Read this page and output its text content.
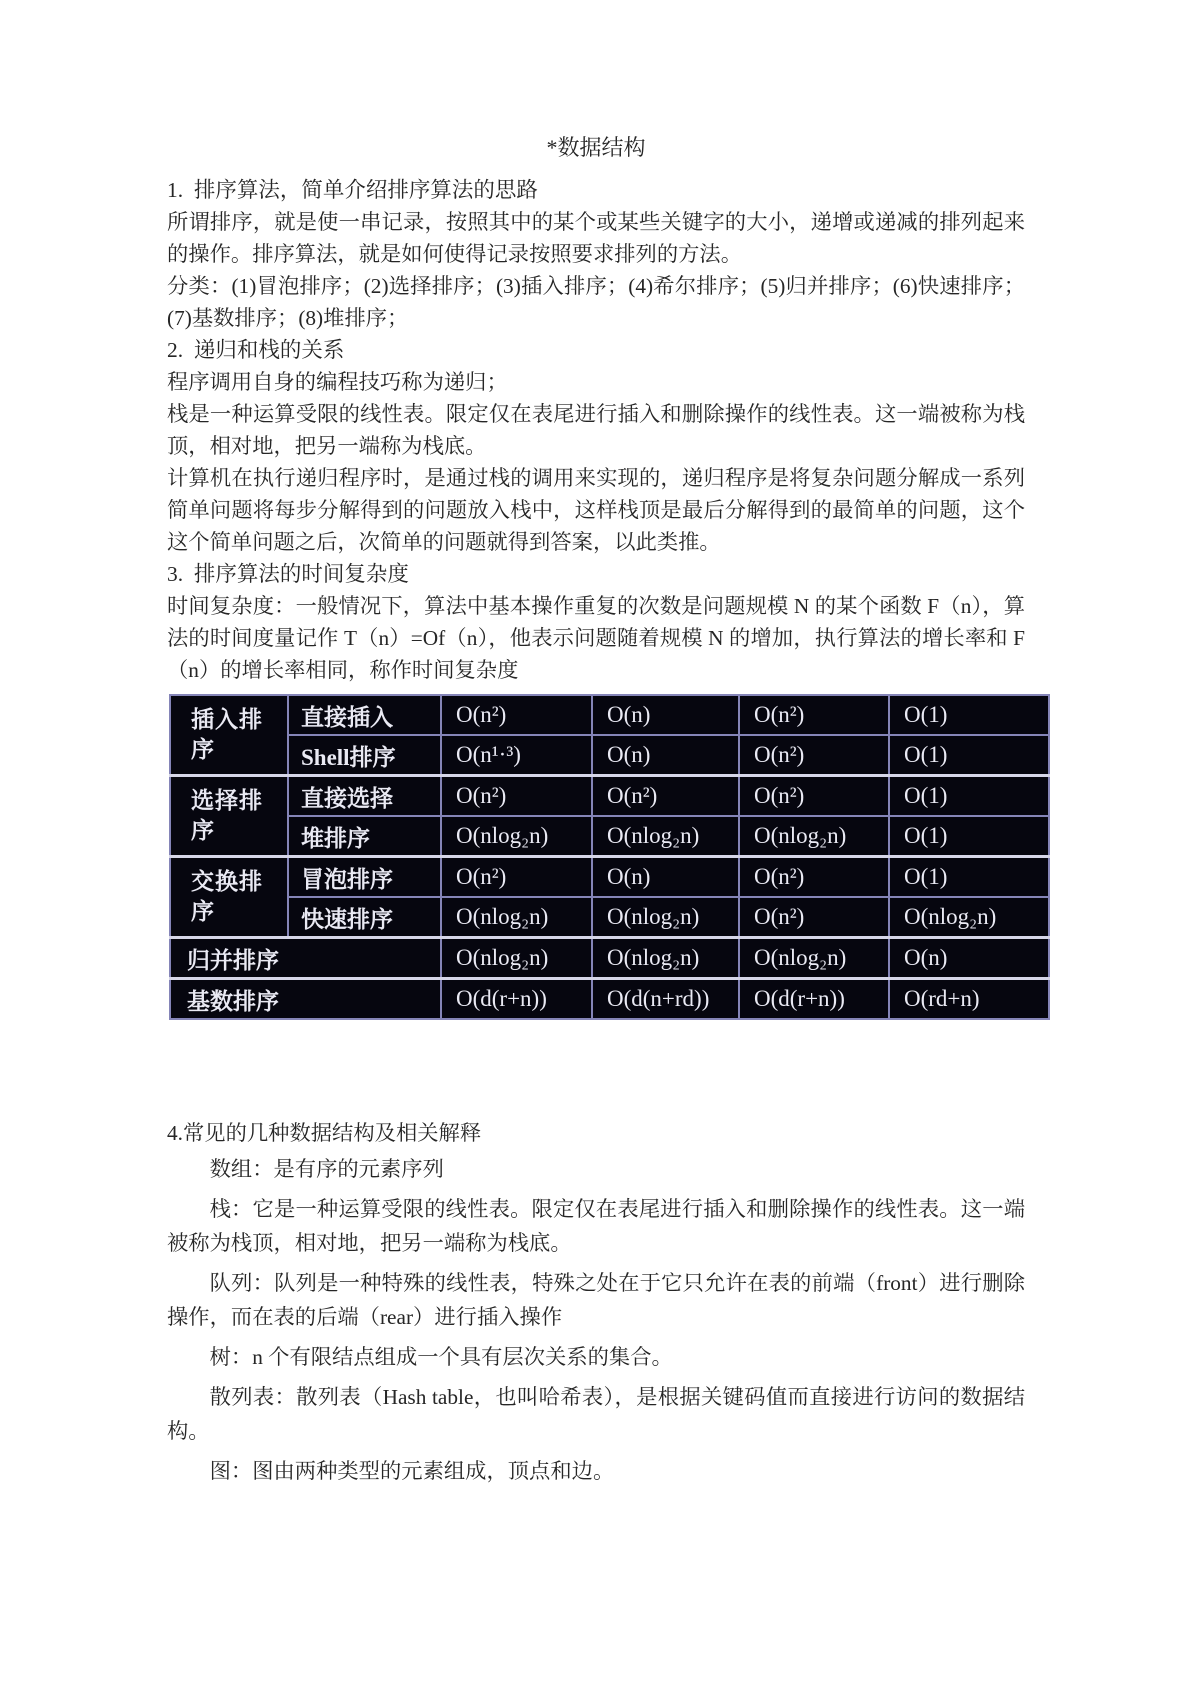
*数据结构

1.  排序算法，简单介绍排序算法的思路

所谓排序，就是使一串记录，按照其中的某个或某些关键字的大小，递增或递减的排列起来的操作。排序算法，就是如何使得记录按照要求排列的方法。

分类：(1)冒泡排序；(2)选择排序；(3)插入排序；(4)希尔排序；(5)归并排序；(6)快速排序；(7)基数排序；(8)堆排序；

2.  递归和栈的关系

程序调用自身的编程技巧称为递归；

栈是一种运算受限的线性表。限定仅在表尾进行插入和删除操作的线性表。这一端被称为栈顶，相对地，把另一端称为栈底。

计算机在执行递归程序时，是通过栈的调用来实现的，递归程序是将复杂问题分解成一系列简单问题将每步分解得到的问题放入栈中，这样栈顶是最后分解得到的最简单的问题，这个这个简单问题之后，次简单的问题就得到答案，以此类推。

3.  排序算法的时间复杂度

时间复杂度：一般情况下，算法中基本操作重复的次数是问题规模 N 的某个函数 F（n），算法的时间度量记作 T（n）=Of（n），他表示问题随着规模 N 的增加，执行算法的增长率和 F（n）的增长率相同，称作时间复杂度

插入排序	直接插入	O(n²)	O(n)	O(n²)	O(1)
	Shell排序	O(n¹·³)	O(n)	O(n²)	O(1)
选择排序	直接选择	O(n²)	O(n²)	O(n²)	O(1)
	堆排序	O(nlog₂n)	O(nlog₂n)	O(nlog₂n)	O(1)
交换排序	冒泡排序	O(n²)	O(n)	O(n²)	O(1)
	快速排序	O(nlog₂n)	O(nlog₂n)	O(n²)	O(nlog₂n)
归并排序		O(nlog₂n)	O(nlog₂n)	O(nlog₂n)	O(n)
基数排序		O(d(r+n))	O(d(n+rd))	O(d(r+n))	O(rd+n)

4.常见的几种数据结构及相关解释

数组：是有序的元素序列

栈：它是一种运算受限的线性表。限定仅在表尾进行插入和删除操作的线性表。这一端被称为栈顶，相对地，把另一端称为栈底。

队列：队列是一种特殊的线性表，特殊之处在于它只允许在表的前端（front）进行删除操作，而在表的后端（rear）进行插入操作

树：n 个有限结点组成一个具有层次关系的集合。

散列表：散列表（Hash table，也叫哈希表），是根据关键码值而直接进行访问的数据结构。

图：图由两种类型的元素组成，顶点和边。
